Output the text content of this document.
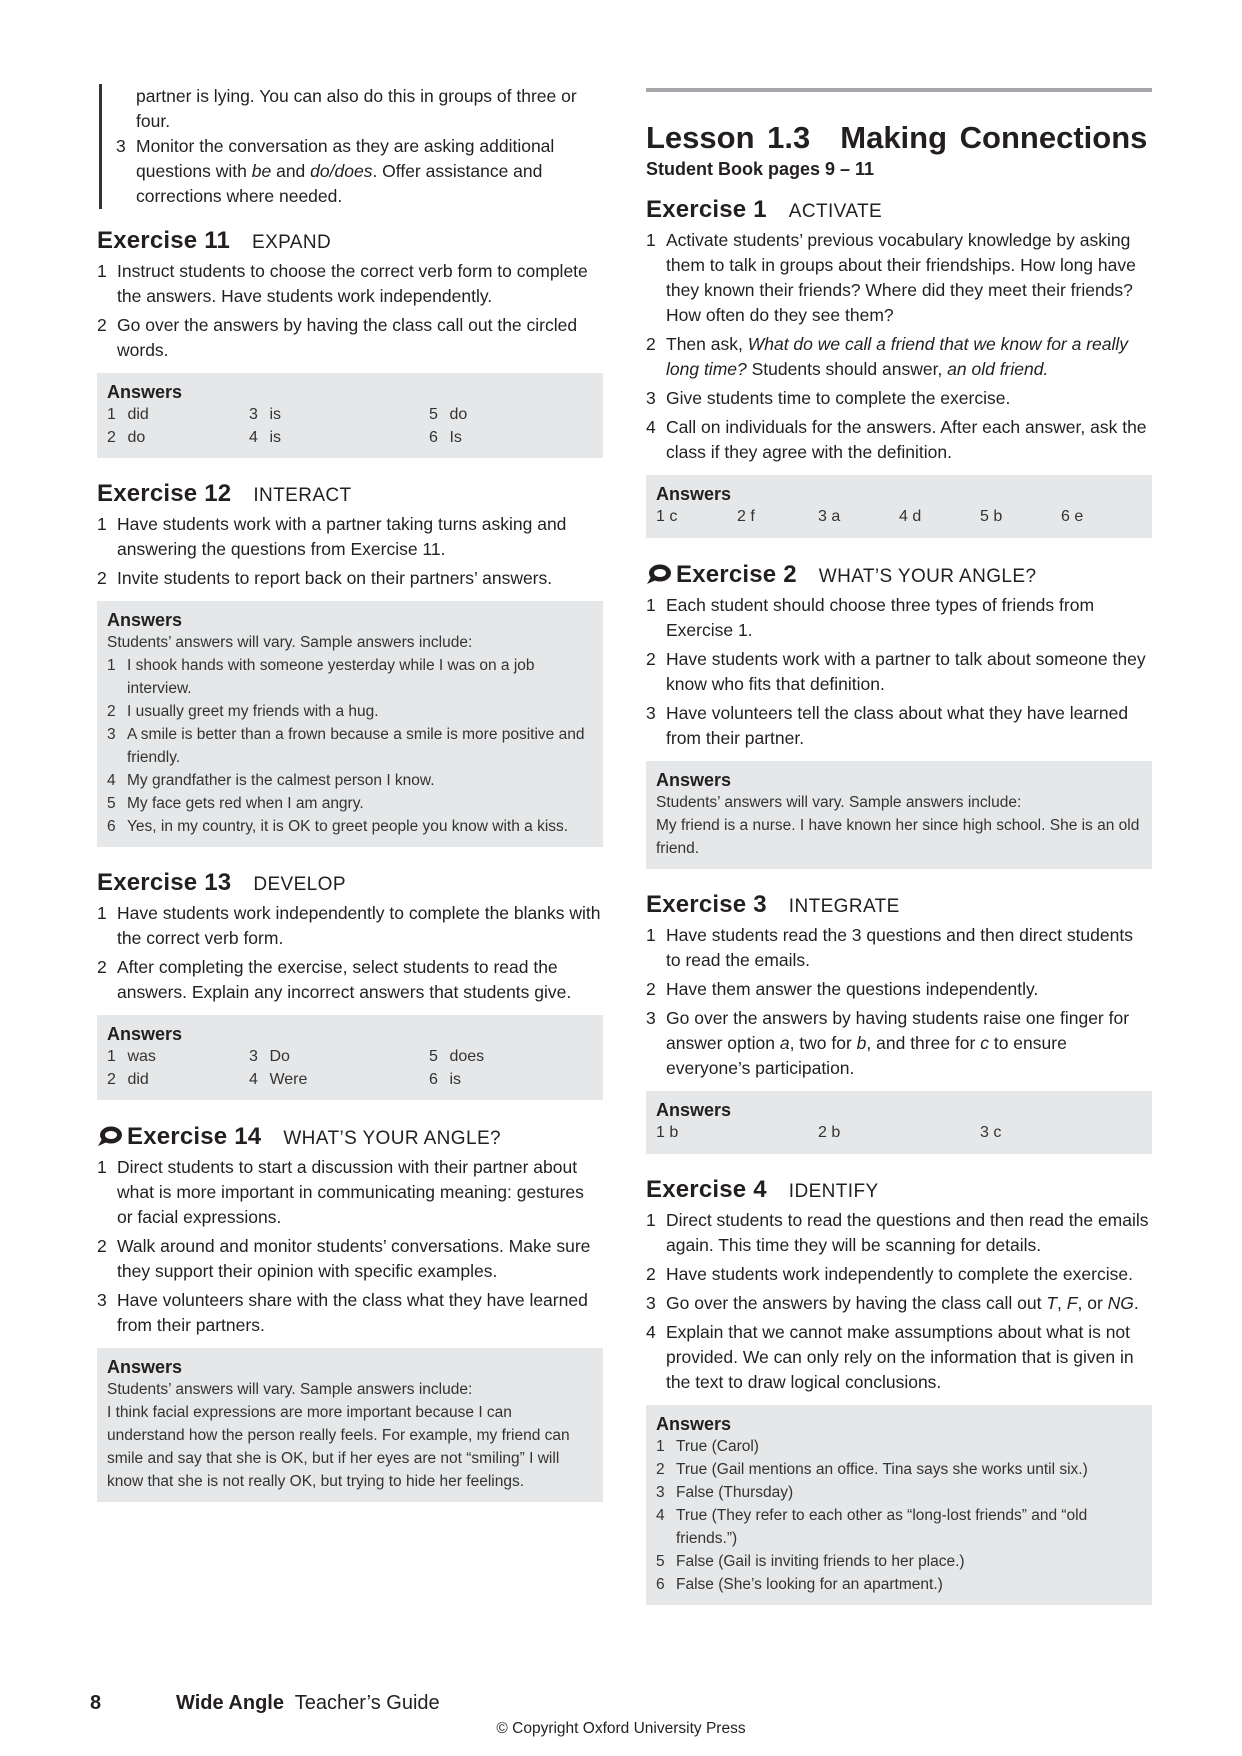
partner is lying. You can also do this in groups of three or four.
3 Monitor the conversation as they are asking additional questions with be and do/does. Offer assistance and corrections where needed.
Exercise 11 EXPAND
1 Instruct students to choose the correct verb form to complete the answers. Have students work independently.
2 Go over the answers by having the class call out the circled words.
Answers
1 did	3 is	5 do
2 do	4 is	6 Is
Exercise 12 INTERACT
1 Have students work with a partner taking turns asking and answering the questions from Exercise 11.
2 Invite students to report back on their partners’ answers.
Answers
Students’ answers will vary. Sample answers include:
1 I shook hands with someone yesterday while I was on a job interview.
2 I usually greet my friends with a hug.
3 A smile is better than a frown because a smile is more positive and friendly.
4 My grandfather is the calmest person I know.
5 My face gets red when I am angry.
6 Yes, in my country, it is OK to greet people you know with a kiss.
Exercise 13 DEVELOP
1 Have students work independently to complete the blanks with the correct verb form.
2 After completing the exercise, select students to read the answers. Explain any incorrect answers that students give.
Answers
1 was	3 Do	5 does
2 did	4 Were	6 is
Exercise 14 WHAT’S YOUR ANGLE?
1 Direct students to start a discussion with their partner about what is more important in communicating meaning: gestures or facial expressions.
2 Walk around and monitor students’ conversations. Make sure they support their opinion with specific examples.
3 Have volunteers share with the class what they have learned from their partners.
Answers
Students’ answers will vary. Sample answers include:
I think facial expressions are more important because I can understand how the person really feels. For example, my friend can smile and say that she is OK, but if her eyes are not “smiling” I will know that she is not really OK, but trying to hide her feelings.
Lesson 1.3 Making Connections
Student Book pages 9 – 11
Exercise 1 ACTIVATE
1 Activate students’ previous vocabulary knowledge by asking them to talk in groups about their friendships. How long have they known their friends? Where did they meet their friends? How often do they see them?
2 Then ask, What do we call a friend that we know for a really long time? Students should answer, an old friend.
3 Give students time to complete the exercise.
4 Call on individuals for the answers. After each answer, ask the class if they agree with the definition.
Answers
1 c	2 f	3 a	4 d	5 b	6 e
Exercise 2 WHAT’S YOUR ANGLE?
1 Each student should choose three types of friends from Exercise 1.
2 Have students work with a partner to talk about someone they know who fits that definition.
3 Have volunteers tell the class about what they have learned from their partner.
Answers
Students’ answers will vary. Sample answers include:
My friend is a nurse. I have known her since high school. She is an old friend.
Exercise 3 INTEGRATE
1 Have students read the 3 questions and then direct students to read the emails.
2 Have them answer the questions independently.
3 Go over the answers by having students raise one finger for answer option a, two for b, and three for c to ensure everyone’s participation.
Answers
1 b	2 b	3 c
Exercise 4 IDENTIFY
1 Direct students to read the questions and then read the emails again. This time they will be scanning for details.
2 Have students work independently to complete the exercise.
3 Go over the answers by having the class call out T, F, or NG.
4 Explain that we cannot make assumptions about what is not provided. We can only rely on the information that is given in the text to draw logical conclusions.
Answers
1 True (Carol)
2 True (Gail mentions an office. Tina says she works until six.)
3 False (Thursday)
4 True (They refer to each other as “long-lost friends” and “old friends.”)
5 False (Gail is inviting friends to her place.)
6 False (She’s looking for an apartment.)
8	Wide Angle Teacher’s Guide
© Copyright Oxford University Press
